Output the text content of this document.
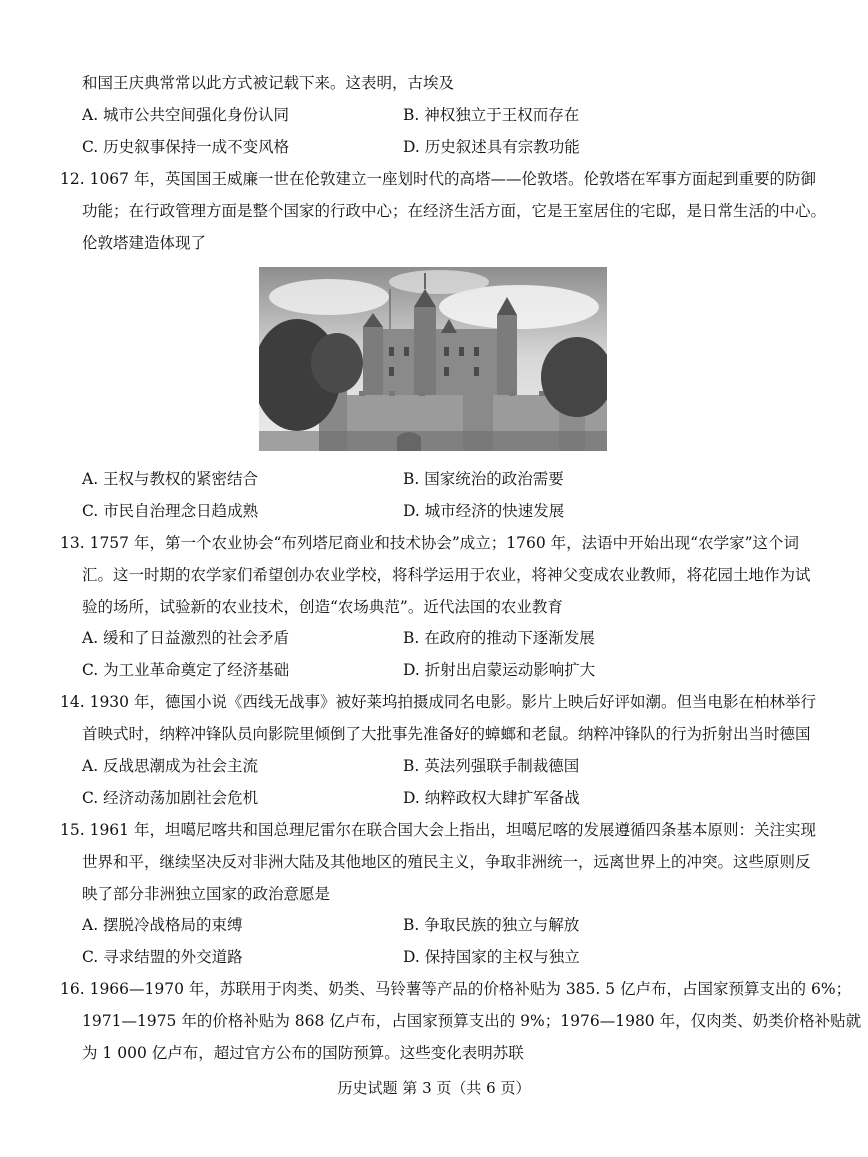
和国王庆典常常以此方式被记载下来。这表明，古埃及
A. 城市公共空间强化身份认同	B. 神权独立于王权而存在
C. 历史叙事保持一成不变风格	D. 历史叙述具有宗教功能
12. 1067 年，英国国王威廉一世在伦敦建立一座划时代的高塔——伦敦塔。伦敦塔在军事方面起到重要的防御
功能；在行政管理方面是整个国家的行政中心；在经济生活方面，它是王室居住的宅邸，是日常生活的中心。
伦敦塔建造体现了
A. 王权与教权的紧密结合	B. 国家统治的政治需要
C. 市民自治理念日趋成熟	D. 城市经济的快速发展
13. 1757 年，第一个农业协会“布列塔尼商业和技术协会”成立；1760 年，法语中开始出现“农学家”这个词
汇。这一时期的农学家们希望创办农业学校，将科学运用于农业，将神父变成农业教师，将花园土地作为试
验的场所，试验新的农业技术，创造“农场典范”。近代法国的农业教育
A. 缓和了日益激烈的社会矛盾	B. 在政府的推动下逐渐发展
C. 为工业革命奠定了经济基础	D. 折射出启蒙运动影响扩大
14. 1930 年，德国小说《西线无战事》被好莱坞拍摄成同名电影。影片上映后好评如潮。但当电影在柏林举行
首映式时，纳粹冲锋队员向影院里倾倒了大批事先准备好的蟑螂和老鼠。纳粹冲锋队的行为折射出当时德国
A. 反战思潮成为社会主流	B. 英法列强联手制裁德国
C. 经济动荡加剧社会危机	D. 纳粹政权大肆扩军备战
15. 1961 年，坦噶尼喀共和国总理尼雷尔在联合国大会上指出，坦噶尼喀的发展遵循四条基本原则：关注实现
世界和平，继续坚决反对非洲大陆及其他地区的殖民主义，争取非洲统一，远离世界上的冲突。这些原则反
映了部分非洲独立国家的政治意愿是
A. 摆脱冷战格局的束缚	B. 争取民族的独立与解放
C. 寻求结盟的外交道路	D. 保持国家的主权与独立
16. 1966—1970 年，苏联用于肉类、奶类、马铃薯等产品的价格补贴为 385. 5 亿卢布，占国家预算支出的 6%；
1971—1975 年的价格补贴为 868 亿卢布，占国家预算支出的 9%；1976—1980 年，仅肉类、奶类价格补贴就
为 1 000 亿卢布，超过官方公布的国防预算。这些变化表明苏联
历史试题 第 3 页（共 6 页）
